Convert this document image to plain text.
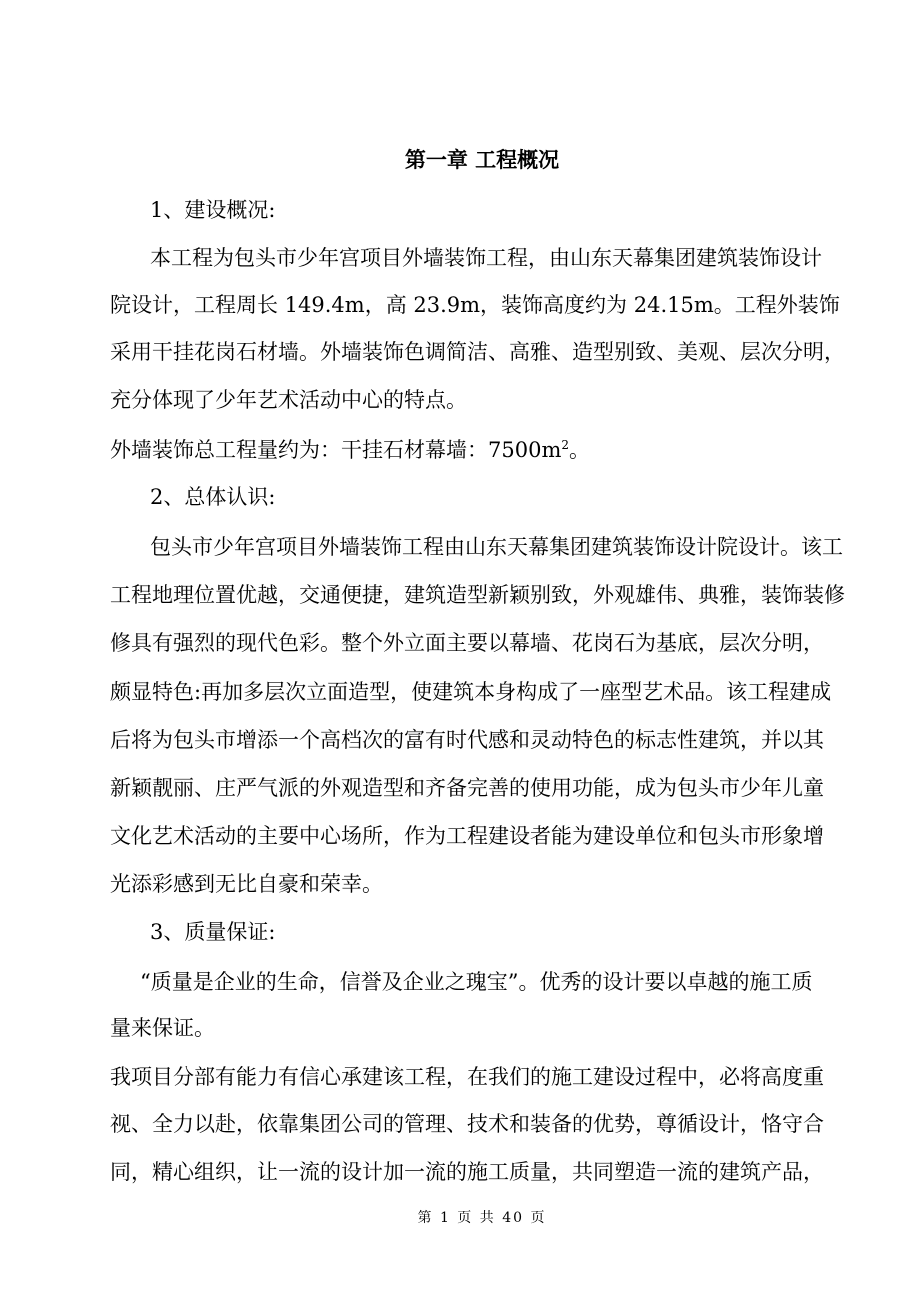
第一章 工程概况
第 1 页 共 40 页
1、建设概况:
本工程为包头市少年宫项目外墙装饰工程，由山东天幕集团建筑装饰设计
院设计，工程周长 149.4m，高 23.9m，装饰高度约为 24.15m。工程外装饰
采用干挂花岗石材墙。外墙装饰色调简洁、高雅、造型别致、美观、层次分明，
充分体现了少年艺术活动中心的特点。
外墙装饰总工程量约为：干挂石材幕墙：$7500m^2$。
2、总体认识:
包头市少年宫项目外墙装饰工程由山东天幕集团建筑装饰设计院设计。该工
工程地理位置优越，交通便捷，建筑造型新颖别致，外观雄伟、典雅，装饰装修
修具有强烈的现代色彩。整个外立面主要以幕墙、花岗石为基底，层次分明，
颇显特色:再加多层次立面造型，使建筑本身构成了一座型艺术品。该工程建成
后将为包头市增添一个高档次的富有时代感和灵动特色的标志性建筑，并以其
新颖靓丽、庄严气派的外观造型和齐备完善的使用功能，成为包头市少年儿童
文化艺术活动的主要中心场所，作为工程建设者能为建设单位和包头市形象增
光添彩感到无比自豪和荣幸。
3、质量保证:
“质量是企业的生命，信誉及企业之瑰宝”。优秀的设计要以卓越的施工质
量来保证。
我项目分部有能力有信心承建该工程，在我们的施工建设过程中，必将高度重
视、全力以赴，依靠集团公司的管理、技术和装备的优势，尊循设计，恪守合
同，精心组织，让一流的设计加一流的施工质量，共同塑造一流的建筑产品，
